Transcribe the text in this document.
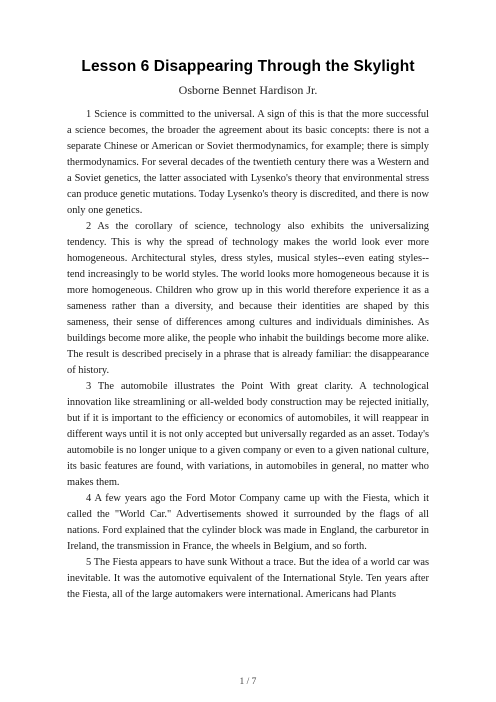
Lesson 6 Disappearing Through the Skylight
Osborne Bennet Hardison Jr.

1 Science is committed to the universal. A sign of this is that the more successful a science becomes, the broader the agreement about its basic concepts: there is not a separate Chinese or American or Soviet thermodynamics, for example; there is simply thermodynamics. For several decades of the twentieth century there was a Western and a Soviet genetics, the latter associated with Lysenko's theory that environmental stress can produce genetic mutations. Today Lysenko's theory is discredited, and there is now only one genetics.

2 As the corollary of science, technology also exhibits the universalizing tendency. This is why the spread of technology makes the world look ever more homogeneous. Architectural styles, dress styles, musical styles--even eating styles--tend increasingly to be world styles. The world looks more homogeneous because it is more homogeneous. Children who grow up in this world therefore experience it as a sameness rather than a diversity, and because their identities are shaped by this sameness, their sense of differences among cultures and individuals diminishes. As buildings become more alike, the people who inhabit the buildings become more alike. The result is described precisely in a phrase that is already familiar: the disappearance of history.

3 The automobile illustrates the Point With great clarity. A technological innovation like streamlining or all-welded body construction may be rejected initially, but if it is important to the efficiency or economics of automobiles, it will reappear in different ways until it is not only accepted but universally regarded as an asset. Today's automobile is no longer unique to a given company or even to a given national culture, its basic features are found, with variations, in automobiles in general, no matter who makes them.

4 A few years ago the Ford Motor Company came up with the Fiesta, which it called the "World Car." Advertisements showed it surrounded by the flags of all nations. Ford explained that the cylinder block was made in England, the carburetor in Ireland, the transmission in France, the wheels in Belgium, and so forth.

5 The Fiesta appears to have sunk Without a trace. But the idea of a world car was inevitable. It was the automotive equivalent of the International Style. Ten years after the Fiesta, all of the large automakers were international. Americans had Plants

1 / 7
